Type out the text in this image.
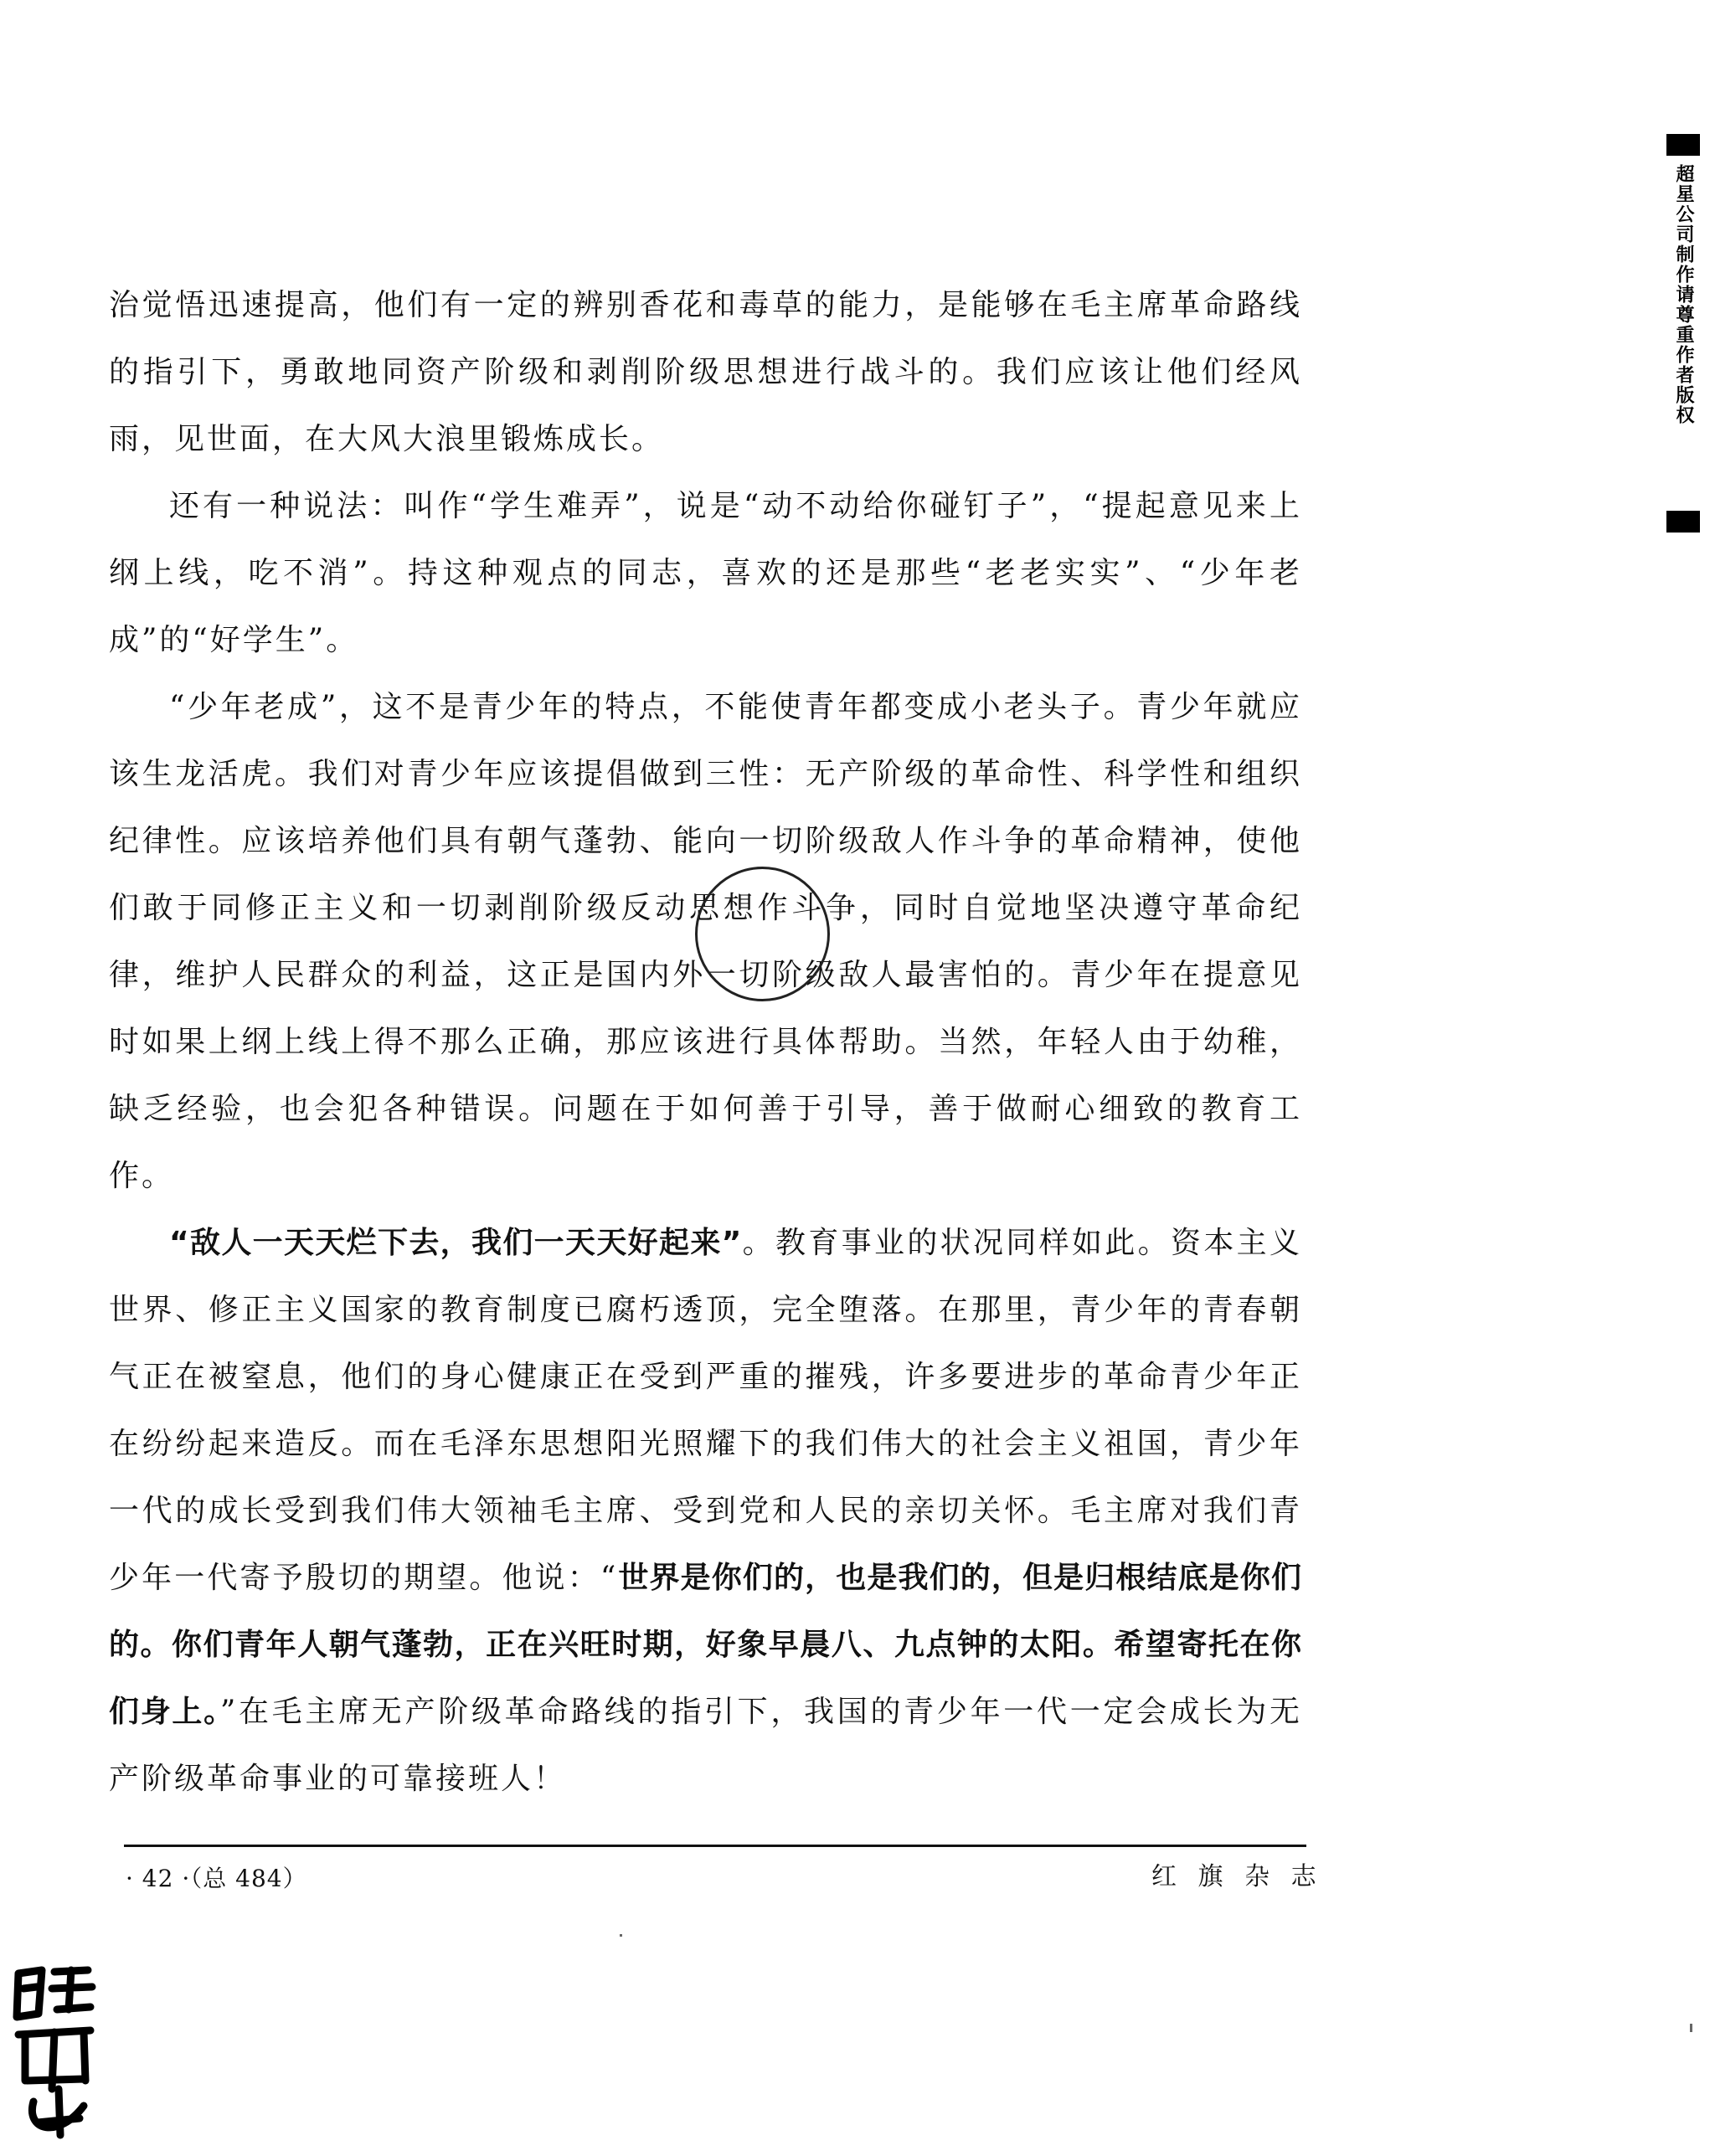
治觉悟迅速提高，他们有一定的辨别香花和毒草的能力，是能够在毛主席革命路线的指引下，勇敢地同资产阶级和剥削阶级思想进行战斗的。我们应该让他们经风雨，见世面，在大风大浪里锻炼成长。

还有一种说法：叫作“学生难弄”，说是“动不动给你碰钉子”，“提起意见来上纲上线，吃不消”。持这种观点的同志，喜欢的还是那些“老老实实”、“少年老成”的“好学生”。

“少年老成”，这不是青少年的特点，不能使青年都变成小老头子。青少年就应该生龙活虎。我们对青少年应该提倡做到三性：无产阶级的革命性、科学性和组织纪律性。应该培养他们具有朝气蓬勃、能向一切阶级敌人作斗争的革命精神，使他们敢于同修正主义和一切剥削阶级反动思想作斗争，同时自觉地坚决遵守革命纪律，维护人民群众的利益，这正是国内外一切阶级敌人最害怕的。青少年在提意见时如果上纲上线上得不那么正确，那应该进行具体帮助。当然，年轻人由于幼稚，缺乏经验，也会犯各种错误。问题在于如何善于引导，善于做耐心细致的教育工作。

“敌人一天天烂下去，我们一天天好起来”。教育事业的状况同样如此。资本主义世界、修正主义国家的教育制度已腐朽透顶，完全堕落。在那里，青少年的青春朝气正在被窒息，他们的身心健康正在受到严重的摧残，许多要进步的革命青少年正在纷纷起来造反。而在毛泽东思想阳光照耀下的我们伟大的社会主义祖国，青少年一代的成长受到我们伟大领袖毛主席、受到党和人民的亲切关怀。毛主席对我们青少年一代寄予殷切的期望。他说：“世界是你们的，也是我们的，但是归根结底是你们的。你们青年人朝气蓬勃，正在兴旺时期，好象早晨八、九点钟的太阳。希望寄托在你们身上。”在毛主席无产阶级革命路线的指引下，我国的青少年一代一定会成长为无产阶级革命事业的可靠接班人！

· 42 ·（总 484）	红 旗 杂 志
超星公司制作
请尊重作者版权
